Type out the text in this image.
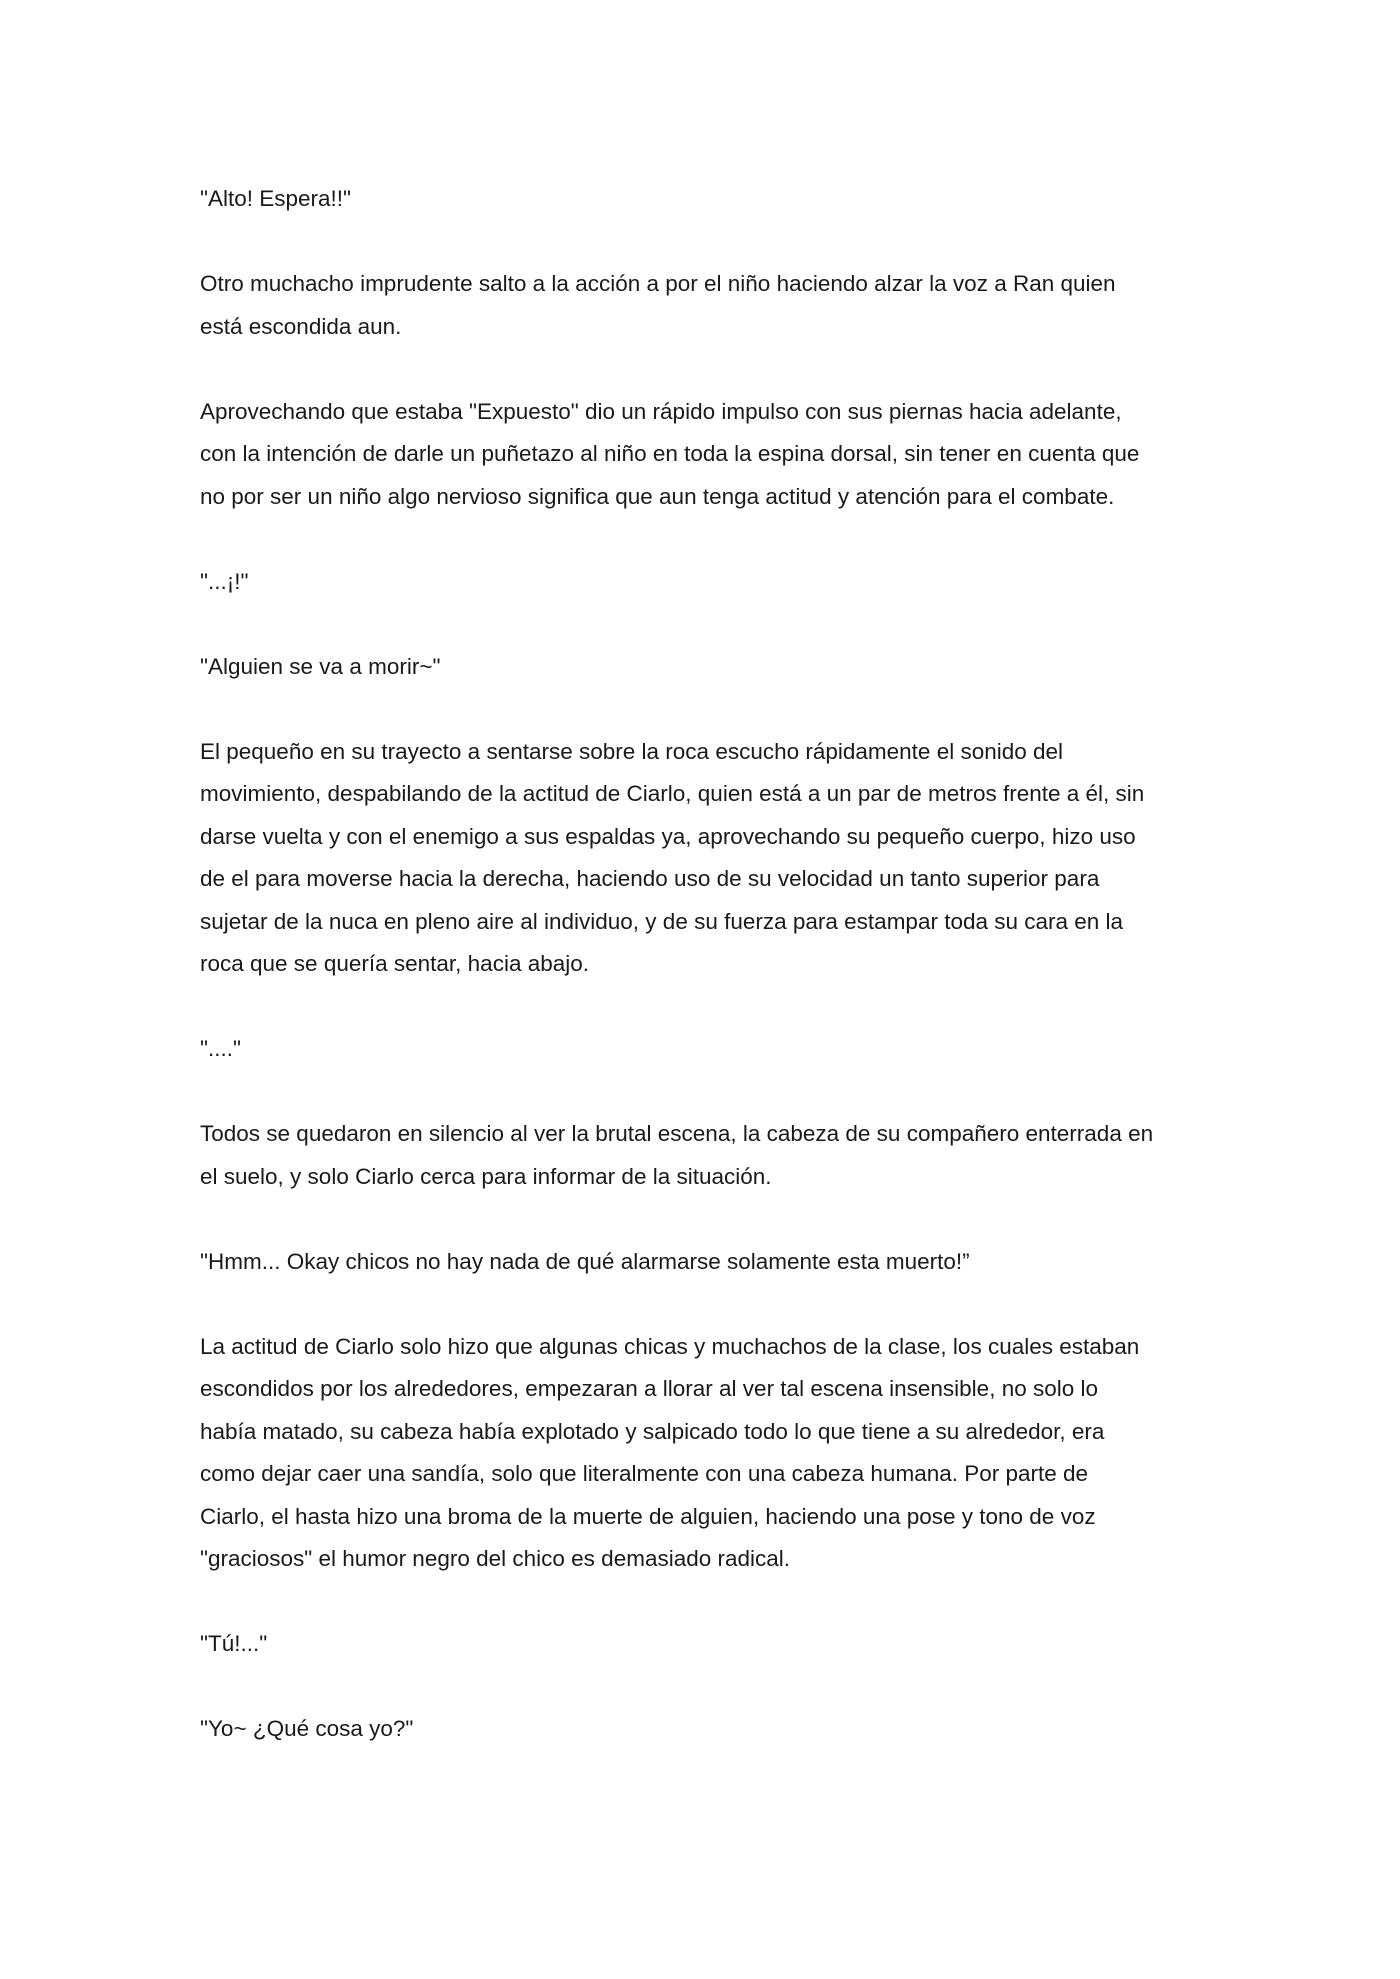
"Alto! Espera!!"

Otro muchacho imprudente salto a la acción a por el niño haciendo alzar la voz a Ran quien
está escondida aun.

Aprovechando que estaba "Expuesto" dio un rápido impulso con sus piernas hacia adelante,
con la intención de darle un puñetazo al niño en toda la espina dorsal, sin tener en cuenta que
no por ser un niño algo nervioso significa que aun tenga actitud y atención para el combate.

"...¡!"

"Alguien se va a morir~"

El pequeño en su trayecto a sentarse sobre la roca escucho rápidamente el sonido del
movimiento, despabilando de la actitud de Ciarlo, quien está a un par de metros frente a él, sin
darse vuelta y con el enemigo a sus espaldas ya, aprovechando su pequeño cuerpo, hizo uso
de el para moverse hacia la derecha, haciendo uso de su velocidad un tanto superior para
sujetar de la nuca en pleno aire al individuo, y de su fuerza para estampar toda su cara en la
roca que se quería sentar, hacia abajo.

"...."

Todos se quedaron en silencio al ver la brutal escena, la cabeza de su compañero enterrada en
el suelo, y solo Ciarlo cerca para informar de la situación.

"Hmm... Okay chicos no hay nada de qué alarmarse solamente esta muerto!”

La actitud de Ciarlo solo hizo que algunas chicas y muchachos de la clase, los cuales estaban
escondidos por los alrededores, empezaran a llorar al ver tal escena insensible, no solo lo
había matado, su cabeza había explotado y salpicado todo lo que tiene a su alrededor, era
como dejar caer una sandía, solo que literalmente con una cabeza humana. Por parte de
Ciarlo, el hasta hizo una broma de la muerte de alguien, haciendo una pose y tono de voz
"graciosos" el humor negro del chico es demasiado radical.

"Tú!..."

"Yo~ ¿Qué cosa yo?"
